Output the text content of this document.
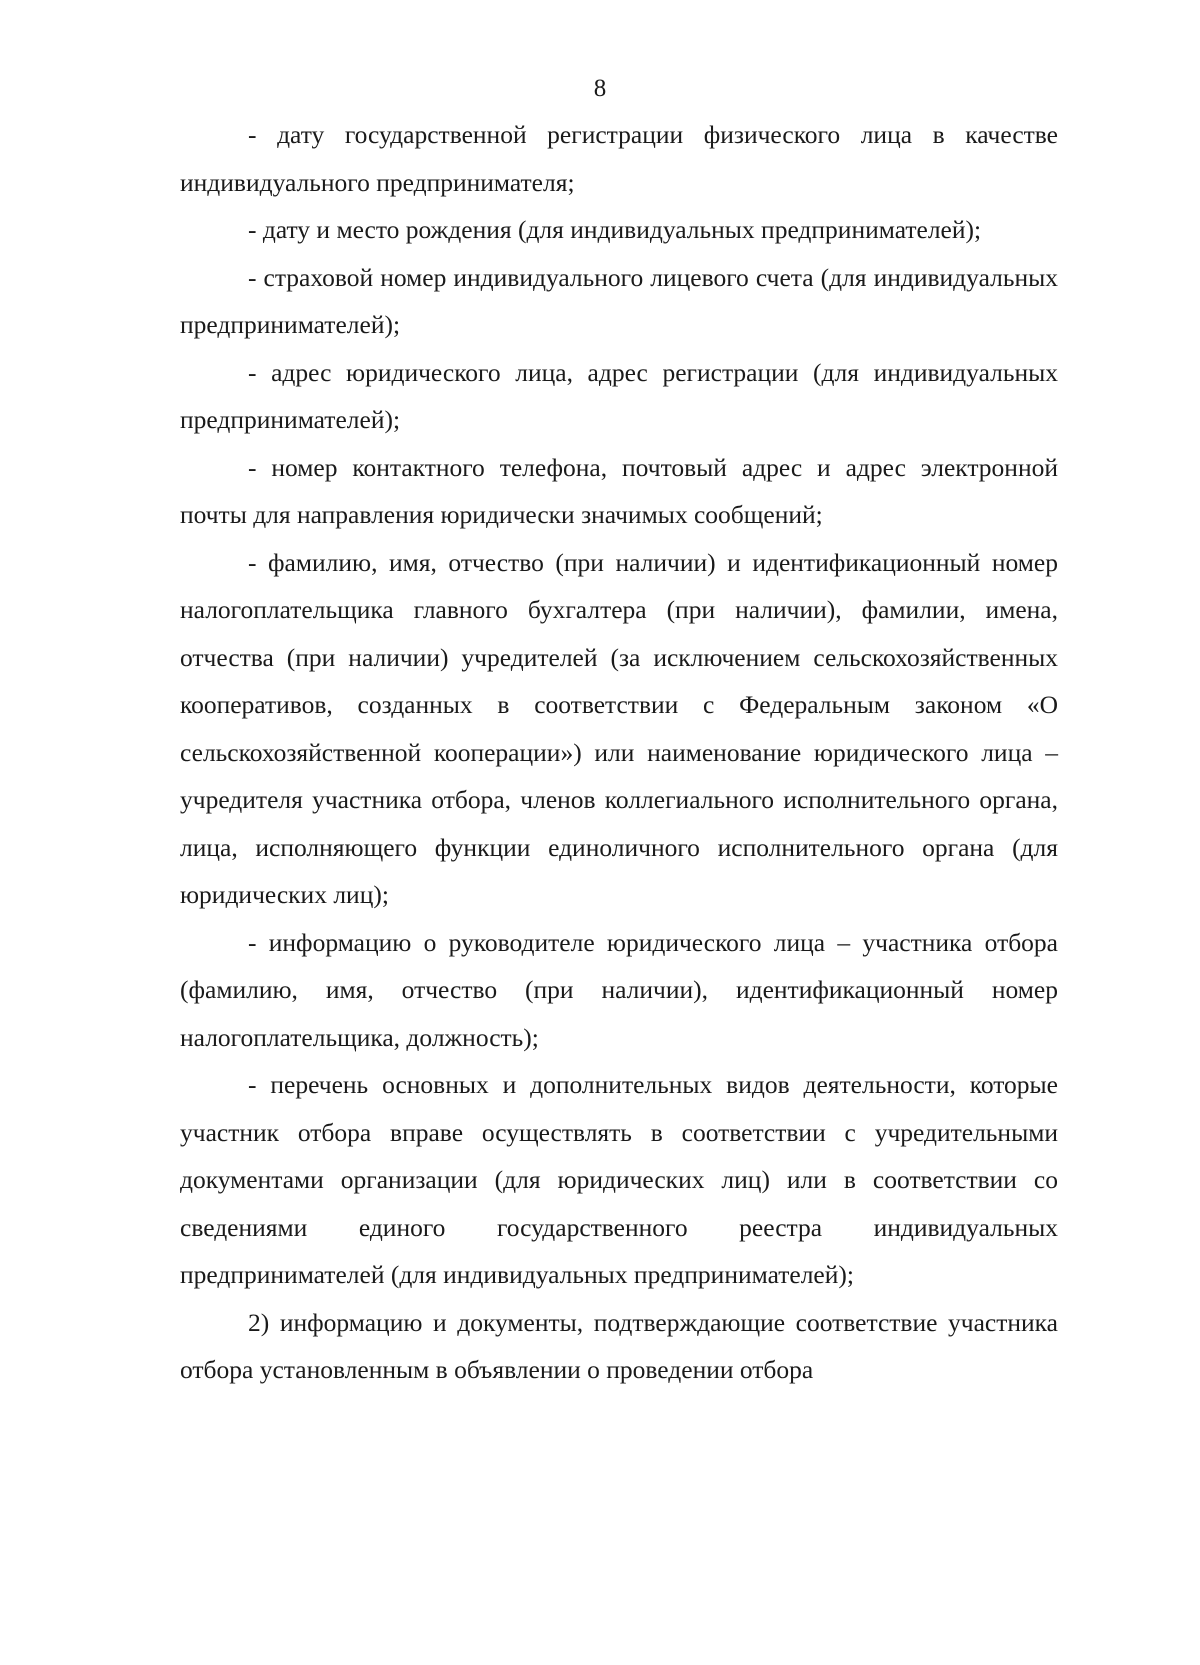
8

- дату государственной регистрации физического лица в качестве индивидуального предпринимателя;

- дату и место рождения (для индивидуальных предпринимателей);

- страховой номер индивидуального лицевого счета (для индивидуальных предпринимателей);

- адрес юридического лица, адрес регистрации (для индивидуальных предпринимателей);

- номер контактного телефона, почтовый адрес и адрес электронной почты для направления юридически значимых сообщений;

- фамилию, имя, отчество (при наличии) и идентификационный номер налогоплательщика главного бухгалтера (при наличии), фамилии, имена, отчества (при наличии) учредителей (за исключением сельскохозяйственных кооперативов, созданных в соответствии с Федеральным законом «О сельскохозяйственной кооперации») или наименование юридического лица – учредителя участника отбора, членов коллегиального исполнительного органа, лица, исполняющего функции единоличного исполнительного органа (для юридических лиц);

- информацию о руководителе юридического лица – участника отбора (фамилию, имя, отчество (при наличии), идентификационный номер налогоплательщика, должность);

- перечень основных и дополнительных видов деятельности, которые участник отбора вправе осуществлять в соответствии с учредительными документами организации (для юридических лиц) или в соответствии со сведениями единого государственного реестра индивидуальных предпринимателей (для индивидуальных предпринимателей);

2) информацию и документы, подтверждающие соответствие участника отбора установленным в объявлении о проведении отбора
